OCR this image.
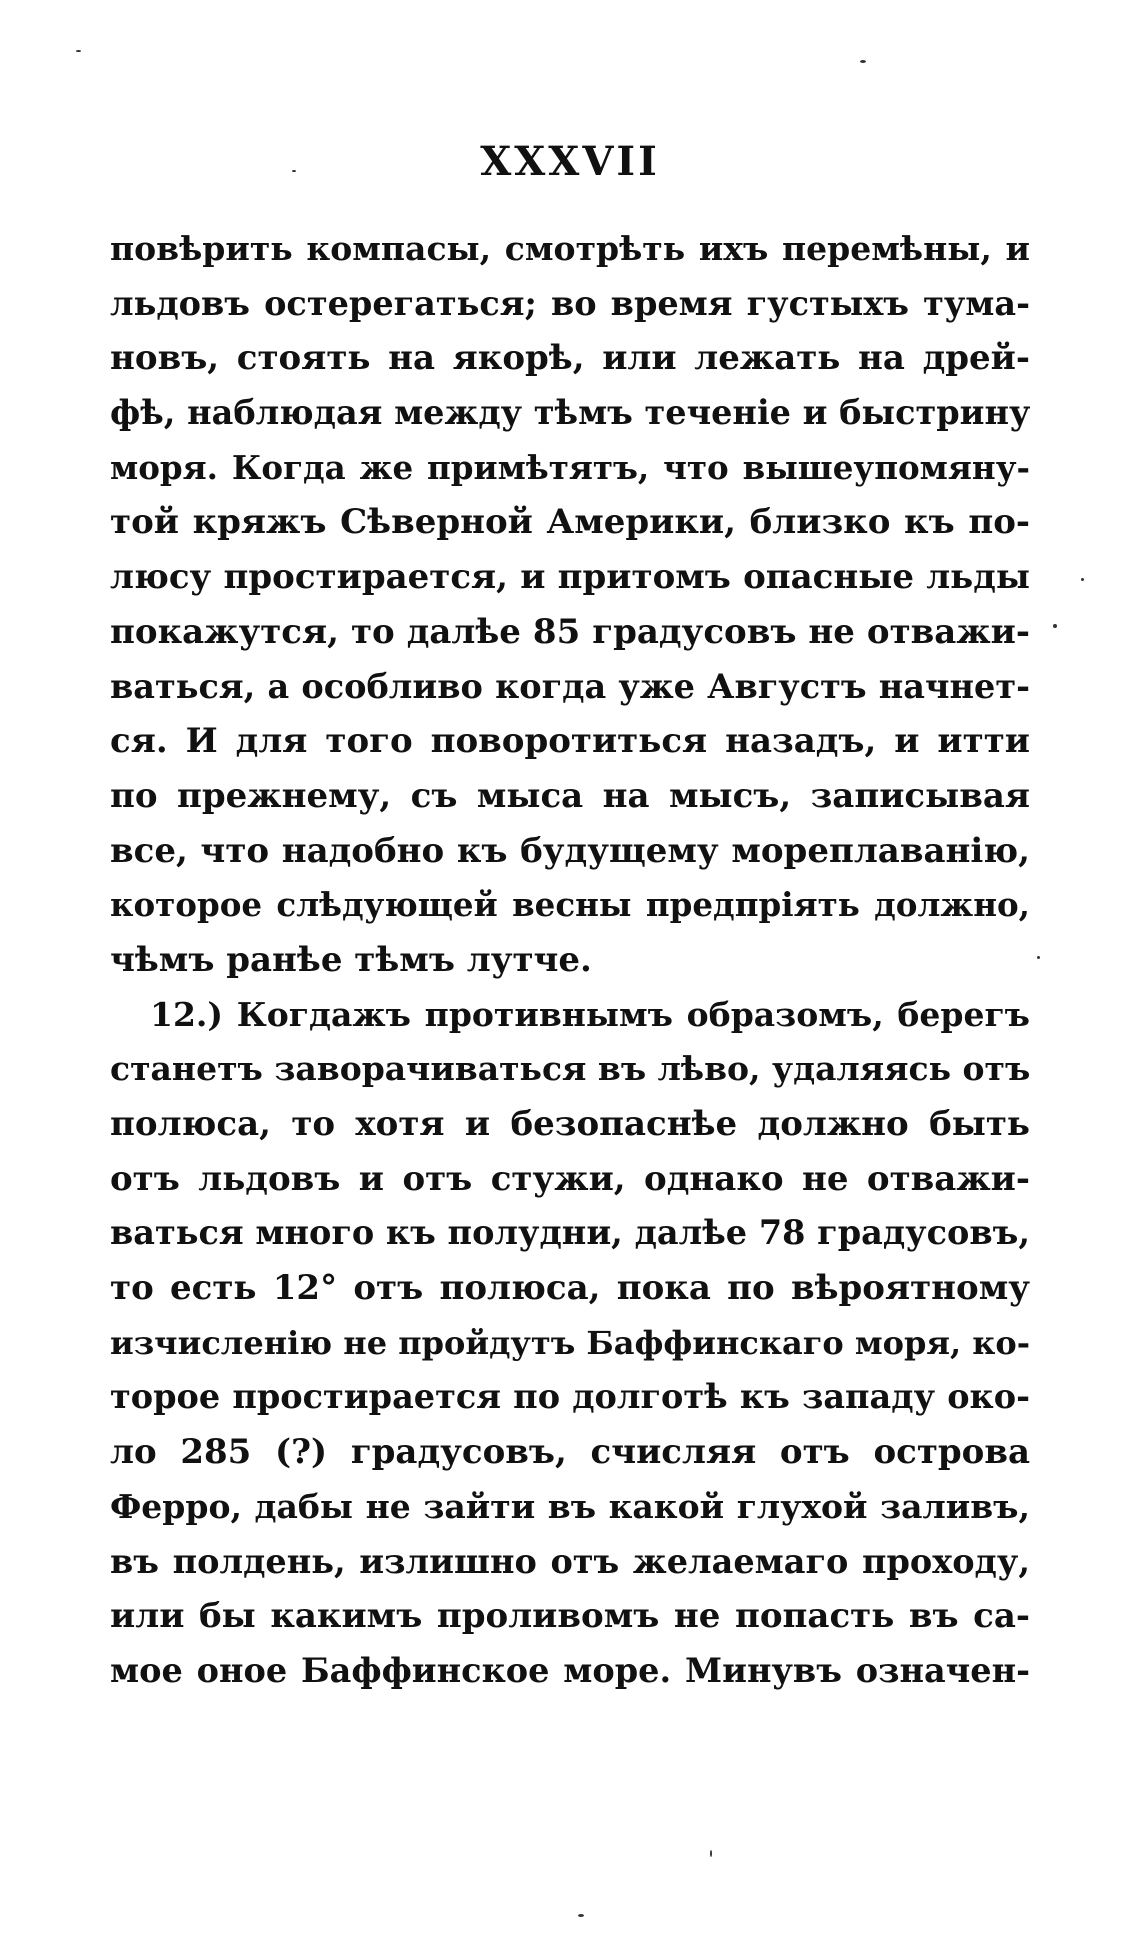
XXXVII
повѣрить компасы, смотрѣть ихъ перемѣны, и
льдовъ остерегаться; во время густыхъ тума-
новъ, стоять на якорѣ, или лежать на дрей-
фѣ, наблюдая между тѣмъ теченіе и быстрину
моря. Когда же примѣтятъ, что вышеупомяну-
той кряжъ Сѣверной Америки, близко къ по-
люсу простирается, и притомъ опасные льды
покажутся, то далѣе 85 градусовъ не отважи-
ваться, а особливо когда уже Августъ начнет-
ся. И для того поворотиться назадъ, и итти
по прежнему, съ мыса на мысъ, записывая
все, что надобно къ будущему мореплаванію,
которое слѣдующей весны предпріять должно,
чѣмъ ранѣе тѣмъ лутче.
12.) Когдажъ противнымъ образомъ, берегъ
станетъ заворачиваться въ лѣво, удаляясь отъ
полюса, то хотя и безопаснѣе должно быть
отъ льдовъ и отъ стужи, однако не отважи-
ваться много къ полудни, далѣе 78 градусовъ,
то есть 12° отъ полюса, пока по вѣроятному
изчисленію не пройдутъ Баффинскаго моря, ко-
торое простирается по долготѣ къ западу око-
ло 285 (?) градусовъ, счисляя отъ острова
Ферро, дабы не зайти въ какой глухой заливъ,
въ полдень, излишно отъ желаемаго проходу,
или бы какимъ проливомъ не попасть въ са-
мое оное Баффинское море. Минувъ означен-
